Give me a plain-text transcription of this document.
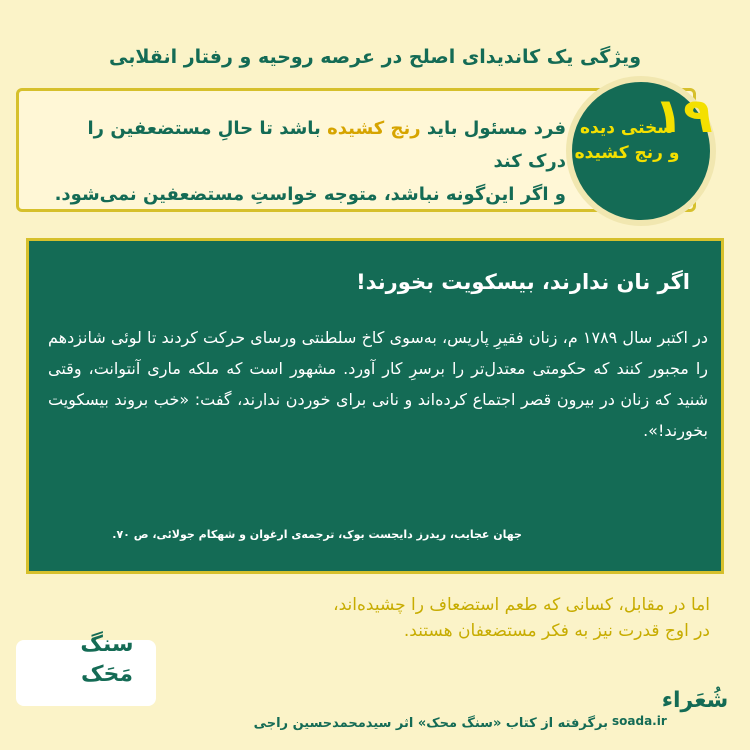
ویژگی یک کاندیدای اصلح در عرصه روحیه و رفتار انقلابی
فرد مسئول باید رنج کشیده باشد تا حالِ مستضعفین را درک کند
و اگر این‌گونه نباشد، متوجه خواستِ مستضعفین نمی‌شود.
۱۹
سختی دیده
و رنج کشیده
اگر نان ندارند، بیسکویت بخورند!
در اکتبر سال ۱۷۸۹ م، زنان فقیرِ پاریس، به‌سوی کاخ سلطنتی ورسای حرکت کردند تا لوئی شانزدهم را مجبور کنند که حکومتی معتدل‌تر را برسرِ کار آورد. مشهور است که ملکه ماری آنتوانت، وقتی شنید که زنان در بیرون قصر اجتماع کرده‌اند و نانی برای خوردن ندارند، گفت: «خب بروند بیسکویت بخورند!».
جهان عجایب، ریدرز دایجست بوک، ترجمه‌ی ارغوان و شهکام جولائی، ص ۷۰.
اما در مقابل، کسانی که طعم استضعاف را چشیده‌اند،
در اوج قدرت نیز به فکر مستضعفان هستند.
سنگ
مَحَک
برگرفته از کتاب «سنگ محک» اثر سیدمحمدحسین راجی
شُعَراء
soada.ir
